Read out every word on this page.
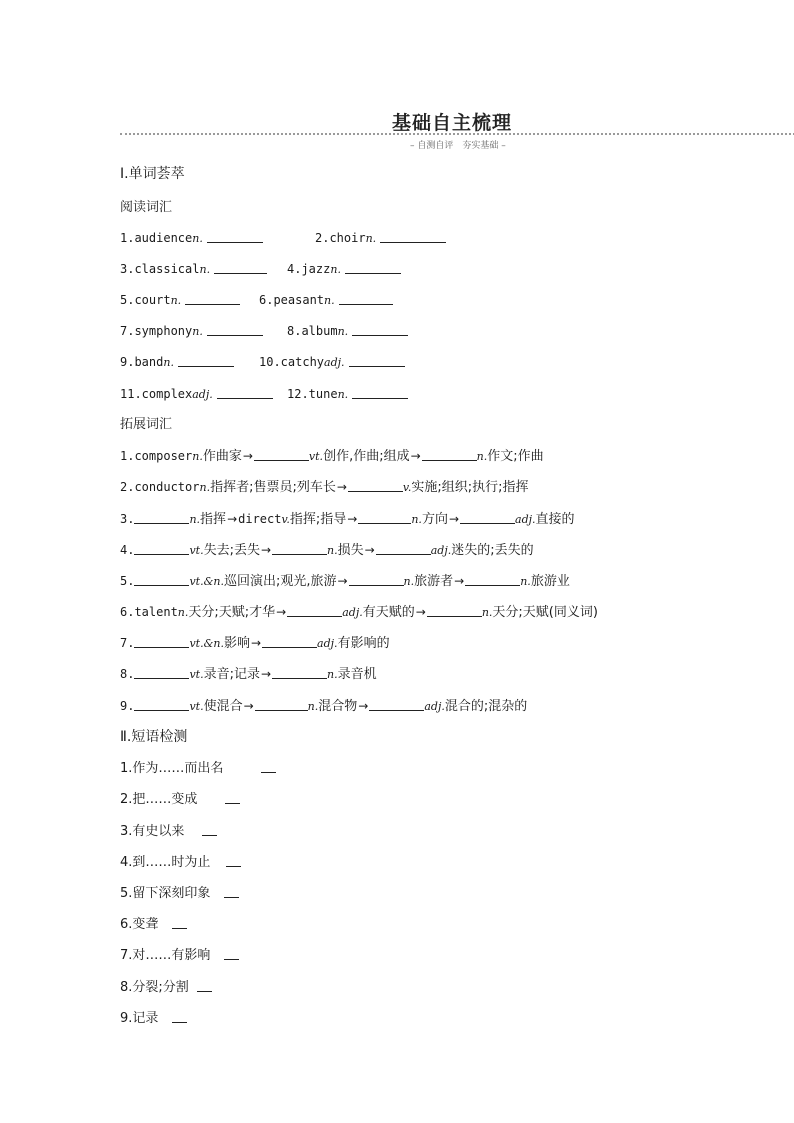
基础自主梳理
– 自测自评　夯实基础 –
Ⅰ.单词荟萃
阅读词汇
1.audiencen.	2.choirn.
3.classicaln.	4.jazzn.
5.courtn.	6.peasantn.
7.symphonyn.	8.albumn.
9.bandn.	10.catchyadj.
11.complexadj.	12.tunen.
拓展词汇
1.composern.作曲家→	vt.创作,作曲;组成→	n.作文;作曲
2.conductorn.指挥者;售票员;列车长→	v.实施;组织;执行;指挥
3.	n.指挥→directv.指挥;指导→	n.方向→	adj.直接的
4.	vt.失去;丢失→	n.损失→	adj.迷失的;丢失的
5.	vt.&n.巡回演出;观光,旅游→	n.旅游者→	n.旅游业
6.talentn.天分;天赋;才华→	adj.有天赋的→	n.天分;天赋(同义词)
7.	vt.&n.影响→	adj.有影响的
8.	vt.录音;记录→	n.录音机
9.	vt.使混合→	n.混合物→	adj.混合的;混杂的
Ⅱ.短语检测
1.作为……而出名
2.把……变成
3.有史以来
4.到……时为止
5.留下深刻印象
6.变聋
7.对……有影响
8.分裂;分割
9.记录
